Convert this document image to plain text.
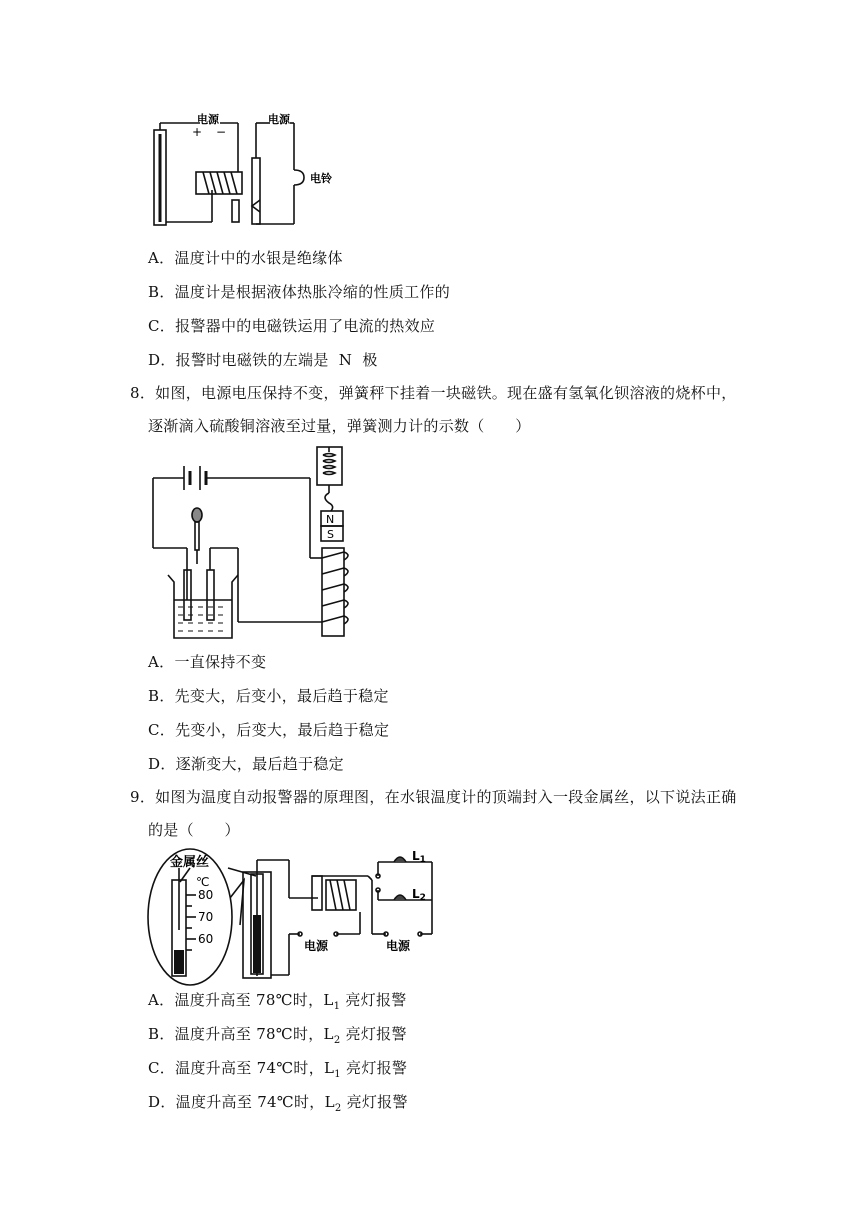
电源
+ −
电源
电铃
A．温度计中的水银是绝缘体
B．温度计是根据液体热胀冷缩的性质工作的
C．报警器中的电磁铁运用了电流的热效应
D．报警时电磁铁的左端是  N  极
8．如图，电源电压保持不变，弹簧秤下挂着一块磁铁。现在盛有氢氧化钡溶液的烧杯中，
逐渐滴入硫酸铜溶液至过量，弹簧测力计的示数（　　）
N
S
A．一直保持不变
B．先变大，后变小，最后趋于稳定
C．先变小，后变大，最后趋于稳定
D．逐渐变大，最后趋于稳定
9．如图为温度自动报警器的原理图，在水银温度计的顶端封入一段金属丝，以下说法正确
的是（　　）
金属丝
℃
80
70
60	电源	电源
L1
L2
A．温度升高至 78℃时，$L_1$ 亮灯报警
B．温度升高至 78℃时，$L_2$ 亮灯报警
C．温度升高至 74℃时，$L_1$ 亮灯报警
D．温度升高至 74℃时，$L_2$ 亮灯报警
